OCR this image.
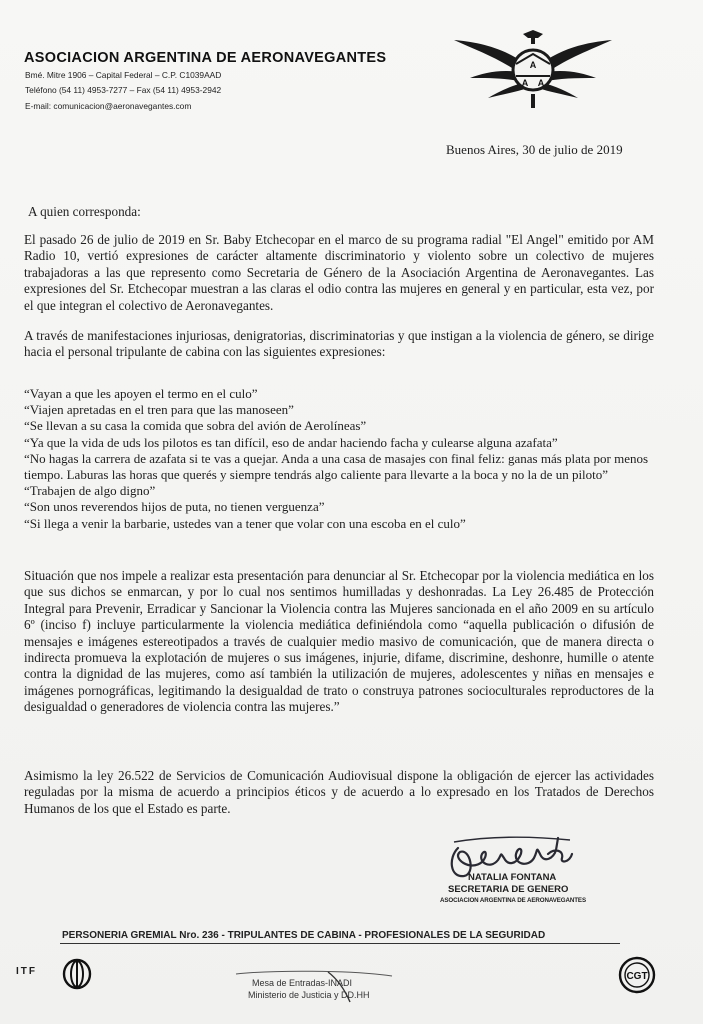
ASOCIACION ARGENTINA DE AERONAVEGANTES
Bmé. Mitre 1906 – Capital Federal – C.P. C1039AAD
Teléfono (54 11) 4953-7277 – Fax (54 11) 4953-2942
E-mail: comunicacion@aeronavegantes.com
A
A A
Buenos Aires, 30 de julio de 2019
A quien corresponda:
El pasado 26 de julio de 2019 en Sr. Baby Etchecopar en el marco de su programa radial "El Angel" emitido por AM Radio 10, vertió expresiones de carácter altamente discriminatorio y violento sobre un colectivo de mujeres trabajadoras a las que represento como Secretaria de Género de la Asociación Argentina de Aeronavegantes. Las expresiones del Sr. Etchecopar muestran a las claras el odio contra las mujeres en general y en particular, esta vez, por el que integran el colectivo de Aeronavegantes.
A través de manifestaciones injuriosas, denigratorias, discriminatorias y que instigan a la violencia de género, se dirige hacia el personal tripulante de cabina con las siguientes expresiones:
“Vayan a que les apoyen el termo en el culo”
“Viajen apretadas en el tren para que las manoseen”
“Se llevan a su casa la comida que sobra del avión de Aerolíneas”
“Ya que la vida de uds los pilotos es tan difícil, eso de andar haciendo facha y culearse alguna azafata”
“No hagas la carrera de azafata si te vas a quejar. Anda a una casa de masajes con final feliz: ganas más plata por menos tiempo. Laburas las horas que querés y siempre tendrás algo caliente para llevarte a la boca y no la de un piloto”
“Trabajen de algo digno”
“Son unos reverendos hijos de puta, no tienen verguenza”
“Si llega a venir la barbarie, ustedes van a tener que volar con una escoba en el culo”
Situación que nos impele a realizar esta presentación para denunciar al Sr. Etchecopar por la violencia mediática en los que sus dichos se enmarcan, y por lo cual nos sentimos humilladas y deshonradas. La Ley 26.485 de Protección Integral para Prevenir, Erradicar y Sancionar la Violencia contra las Mujeres sancionada en el año 2009 en su artículo 6º (inciso f) incluye particularmente la violencia mediática definiéndola como “aquella publicación o difusión de mensajes e imágenes estereotipados a través de cualquier medio masivo de comunicación, que de manera directa o indirecta promueva la explotación de mujeres o sus imágenes, injurie, difame, discrimine, deshonre, humille o atente contra la dignidad de las mujeres, como así también la utilización de mujeres, adolescentes y niñas en mensajes e imágenes pornográficas, legitimando la desigualdad de trato o construya patrones socioculturales reproductores de la desigualdad o generadores de violencia contra las mujeres.”
Asimismo la ley 26.522 de Servicios de Comunicación Audiovisual dispone la obligación de ejercer las actividades reguladas por la misma de acuerdo a principios éticos y de acuerdo a lo expresado en los Tratados de Derechos Humanos de los que el Estado es parte.
NATALIA FONTANA
SECRETARIA DE GENERO
ASOCIACION ARGENTINA DE AERONAVEGANTES
PERSONERIA GREMIAL Nro. 236 - TRIPULANTES DE CABINA - PROFESIONALES DE LA SEGURIDAD
ITF
Mesa de Entradas-INADI
Ministerio de Justicia y DD.HH
CGT
